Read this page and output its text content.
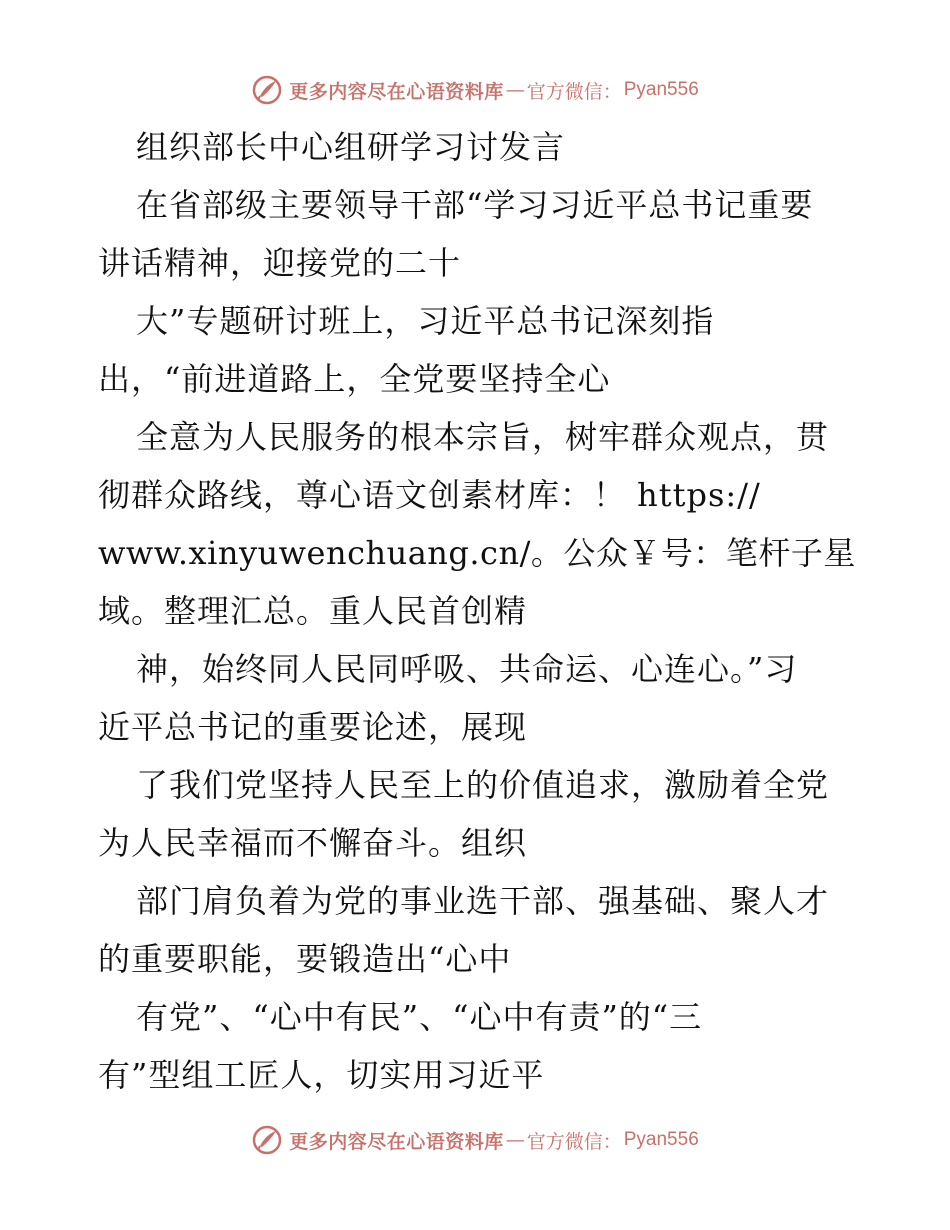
更多内容尽在心语资料库 — 官方微信： Pyan556
组织部长中心组研学习讨发言
在省部级主要领导干部“学习习近平总书记重要
讲话精神，迎接党的二十
大”专题研讨班上，习近平总书记深刻指
出，“前进道路上，全党要坚持全心
全意为人民服务的根本宗旨，树牢群众观点，贯
彻群众路线，尊心语文创素材库：！ https://
www.xinyuwenchuang.cn/。公众￥号：笔杆子星
域。整理汇总。重人民首创精
神，始终同人民同呼吸、共命运、心连心。”习
近平总书记的重要论述，展现
了我们党坚持人民至上的价值追求，激励着全党
为人民幸福而不懈奋斗。组织
部门肩负着为党的事业选干部、强基础、聚人才
的重要职能，要锻造出“心中
有党”、“心中有民”、“心中有责”的“三
有”型组工匠人，切实用习近平
更多内容尽在心语资料库 — 官方微信： Pyan556
